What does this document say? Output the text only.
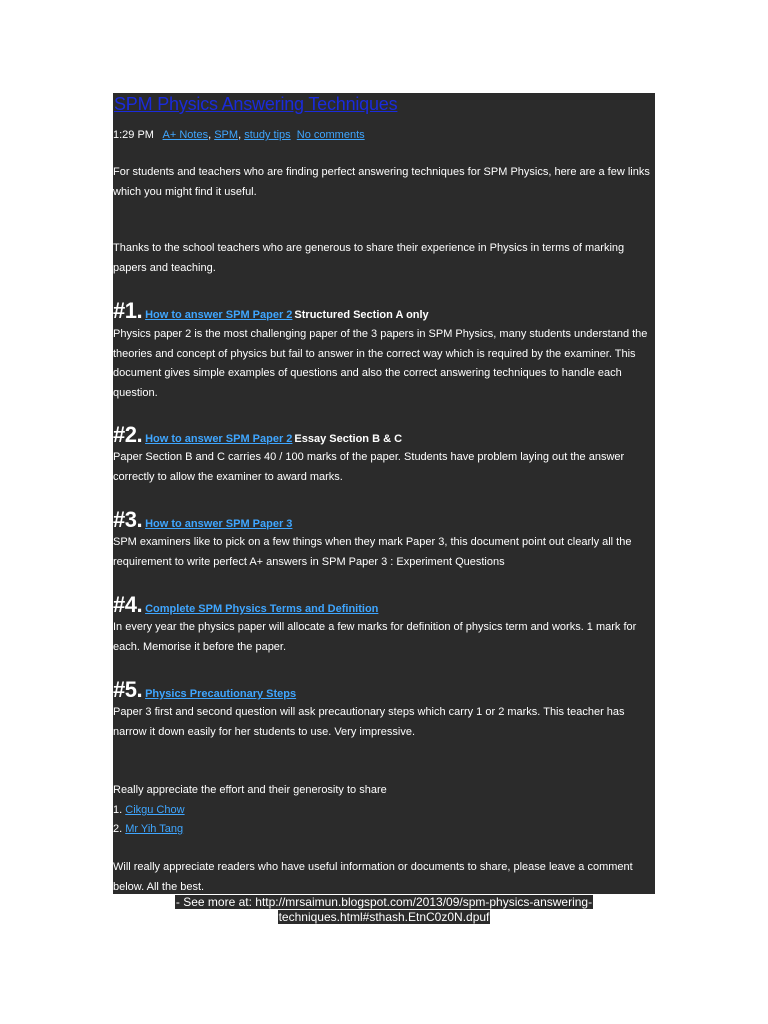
SPM Physics Answering Techniques
1:29 PM A+ Notes, SPM, study tips No comments
For students and teachers who are finding perfect answering techniques for SPM Physics, here are a few links which you might find it useful.
Thanks to the school teachers who are generous to share their experience in Physics in terms of marking papers and teaching.
#1. How to answer SPM Paper 2 Structured Section A only
Physics paper 2 is the most challenging paper of the 3 papers in SPM Physics, many students understand the theories and concept of physics but fail to answer in the correct way which is required by the examiner. This document gives simple examples of questions and also the correct answering techniques to handle each question.
#2. How to answer SPM Paper 2 Essay Section B & C
Paper Section B and C carries 40 / 100 marks of the paper. Students have problem laying out the answer correctly to allow the examiner to award marks.
#3. How to answer SPM Paper 3
SPM examiners like to pick on a few things when they mark Paper 3, this document point out clearly all the requirement to write perfect A+ answers in SPM Paper 3 : Experiment Questions
#4. Complete SPM Physics Terms and Definition
In every year the physics paper will allocate a few marks for definition of physics term and works. 1 mark for each. Memorise it before the paper.
#5. Physics Precautionary Steps
Paper 3 first and second question will ask precautionary steps which carry 1 or 2 marks. This teacher has narrow it down easily for her students to use. Very impressive.
Really appreciate the effort and their generosity to share
1. Cikgu Chow
2. Mr Yih Tang
Will really appreciate readers who have useful information or documents to share, please leave a comment below. All the best.
- See more at: http://mrsaimun.blogspot.com/2013/09/spm-physics-answering-
techniques.html#sthash.EtnC0z0N.dpuf
